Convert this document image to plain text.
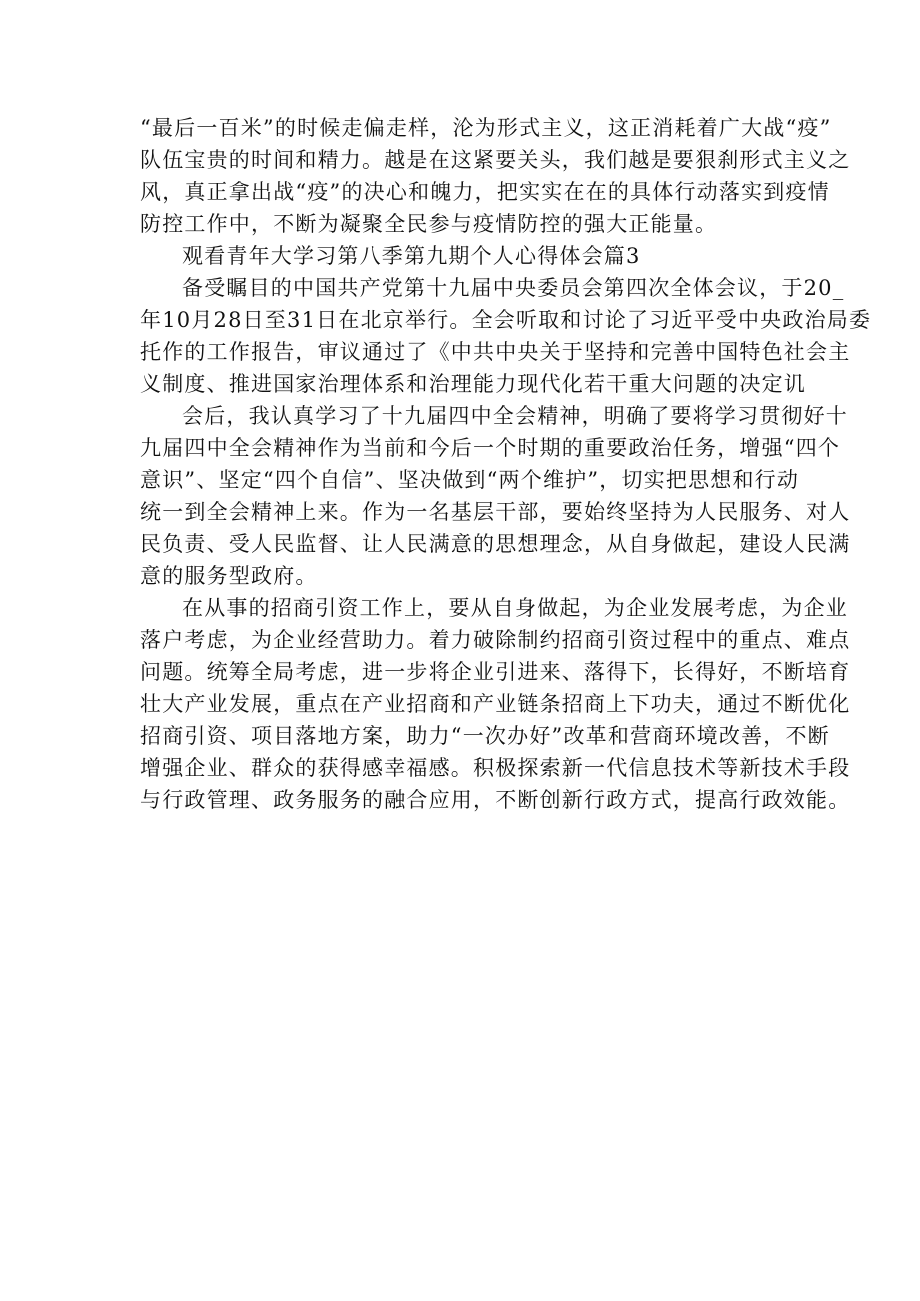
“最后一百米”的时候走偏走样，沦为形式主义，这正消耗着广大战“疫”
队伍宝贵的时间和精力。越是在这紧要关头，我们越是要狠刹形式主义之
风，真正拿出战“疫”的决心和魄力，把实实在在的具体行动落实到疫情
防控工作中，不断为凝聚全民参与疫情防控的强大正能量。
观看青年大学习第八季第九期个人心得体会篇3
备受瞩目的中国共产党第十九届中央委员会第四次全体会议，于20_
年10月28日至31日在北京举行。全会听取和讨论了习近平受中央政治局委
托作的工作报告，审议通过了《中共中央关于坚持和完善中国特色社会主
义制度、推进国家治理体系和治理能力现代化若干重大问题的决定讥
会后，我认真学习了十九届四中全会精神，明确了要将学习贯彻好十
九届四中全会精神作为当前和今后一个时期的重要政治任务，增强“四个
意识”、坚定“四个自信”、坚决做到“两个维护”，切实把思想和行动
统一到全会精神上来。作为一名基层干部，要始终坚持为人民服务、对人
民负责、受人民监督、让人民满意的思想理念，从自身做起，建设人民满
意的服务型政府。
在从事的招商引资工作上，要从自身做起，为企业发展考虑，为企业
落户考虑，为企业经营助力。着力破除制约招商引资过程中的重点、难点
问题。统筹全局考虑，进一步将企业引进来、落得下，长得好，不断培育
壮大产业发展，重点在产业招商和产业链条招商上下功夫，通过不断优化
招商引资、项目落地方案，助力“一次办好”改革和营商环境改善，不断
增强企业、群众的获得感幸福感。积极探索新一代信息技术等新技术手段
与行政管理、政务服务的融合应用，不断创新行政方式，提高行政效能。
